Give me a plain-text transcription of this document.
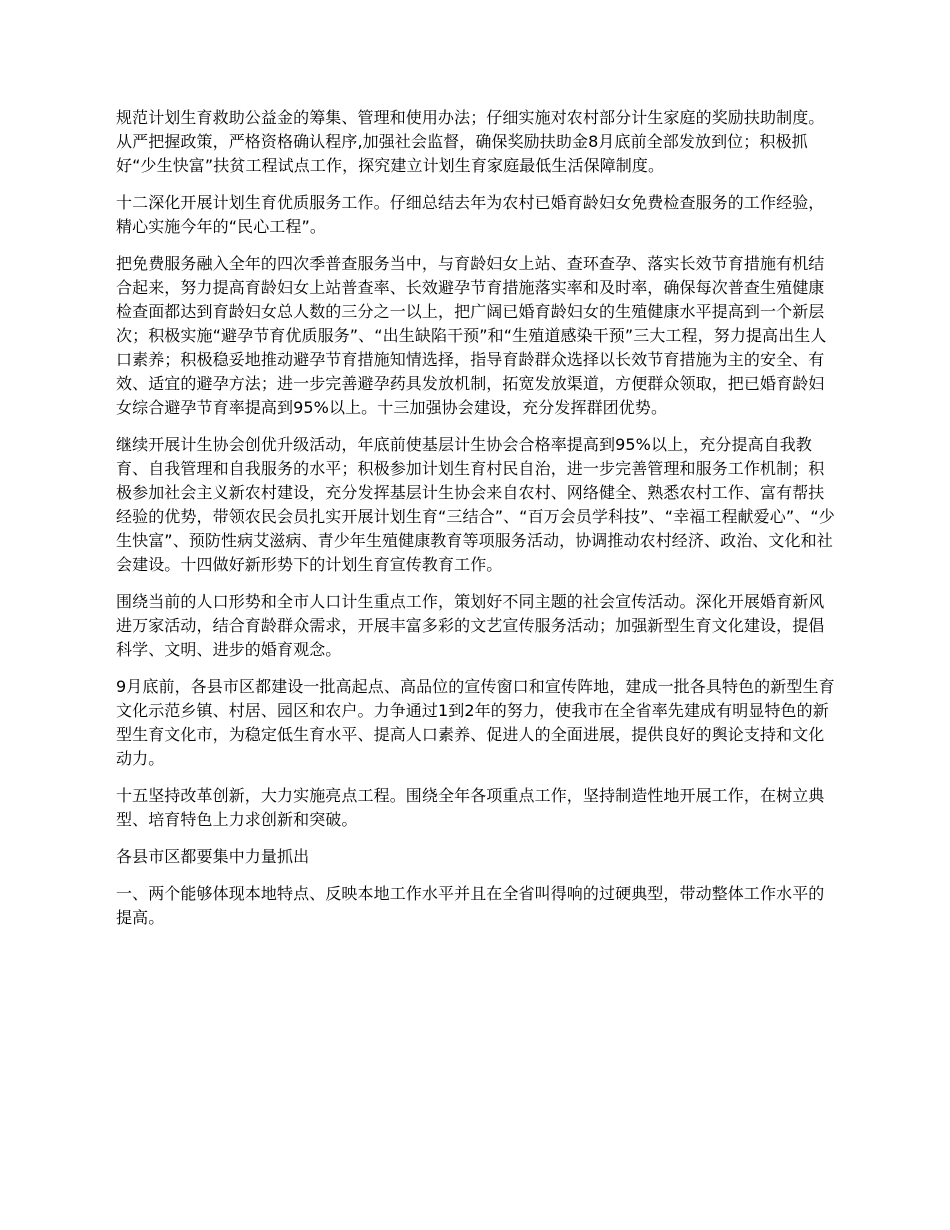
规范计划生育救助公益金的筹集、管理和使用办法；仔细实施对农村部分计生家庭的奖励扶助制度。从严把握政策，严格资格确认程序,加强社会监督，确保奖励扶助金8月底前全部发放到位；积极抓好“少生快富”扶贫工程试点工作，探究建立计划生育家庭最低生活保障制度。

十二深化开展计划生育优质服务工作。仔细总结去年为农村已婚育龄妇女免费检查服务的工作经验，精心实施今年的“民心工程”。

把免费服务融入全年的四次季普查服务当中，与育龄妇女上站、查环查孕、落实长效节育措施有机结合起来，努力提高育龄妇女上站普查率、长效避孕节育措施落实率和及时率，确保每次普查生殖健康检查面都达到育龄妇女总人数的三分之一以上，把广阔已婚育龄妇女的生殖健康水平提高到一个新层次；积极实施“避孕节育优质服务”、“出生缺陷干预”和“生殖道感染干预”三大工程，努力提高出生人口素养；积极稳妥地推动避孕节育措施知情选择，指导育龄群众选择以长效节育措施为主的安全、有效、适宜的避孕方法；进一步完善避孕药具发放机制，拓宽发放渠道，方便群众领取，把已婚育龄妇女综合避孕节育率提高到95%以上。十三加强协会建设，充分发挥群团优势。

继续开展计生协会创优升级活动，年底前使基层计生协会合格率提高到95%以上，充分提高自我教育、自我管理和自我服务的水平；积极参加计划生育村民自治，进一步完善管理和服务工作机制；积极参加社会主义新农村建设，充分发挥基层计生协会来自农村、网络健全、熟悉农村工作、富有帮扶经验的优势，带领农民会员扎实开展计划生育“三结合”、“百万会员学科技”、“幸福工程献爱心”、“少生快富”、预防性病艾滋病、青少年生殖健康教育等项服务活动，协调推动农村经济、政治、文化和社会建设。十四做好新形势下的计划生育宣传教育工作。

围绕当前的人口形势和全市人口计生重点工作，策划好不同主题的社会宣传活动。深化开展婚育新风进万家活动，结合育龄群众需求，开展丰富多彩的文艺宣传服务活动；加强新型生育文化建设，提倡科学、文明、进步的婚育观念。

9月底前，各县市区都建设一批高起点、高品位的宣传窗口和宣传阵地，建成一批各具特色的新型生育文化示范乡镇、村居、园区和农户。力争通过1到2年的努力，使我市在全省率先建成有明显特色的新型生育文化市，为稳定低生育水平、提高人口素养、促进人的全面进展，提供良好的舆论支持和文化动力。

十五坚持改革创新，大力实施亮点工程。围绕全年各项重点工作，坚持制造性地开展工作，在树立典型、培育特色上力求创新和突破。

各县市区都要集中力量抓出

一、两个能够体现本地特点、反映本地工作水平并且在全省叫得响的过硬典型，带动整体工作水平的提高。
